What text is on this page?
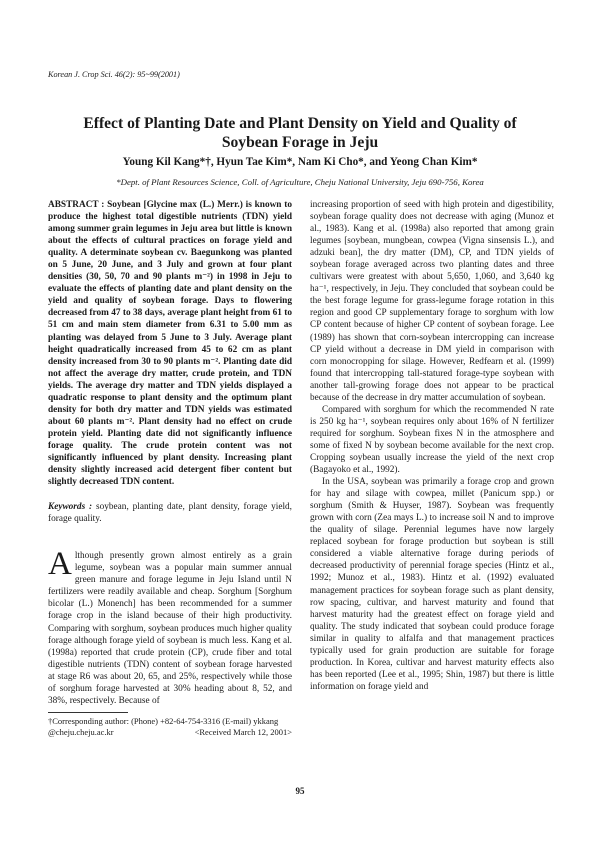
Korean J. Crop Sci. 46(2): 95~99(2001)
Effect of Planting Date and Plant Density on Yield and Quality of
Soybean Forage in Jeju
Young Kil Kang*†, Hyun Tae Kim*, Nam Ki Cho*, and Yeong Chan Kim*
*Dept. of Plant Resources Science, Coll. of Agriculture, Cheju National University, Jeju 690-756, Korea

ABSTRACT : Soybean [Glycine max (L.) Merr.) is known to produce the highest total digestible nutrients (TDN) yield among summer grain legumes in Jeju area but little is known about the effects of cultural practices on forage yield and quality. A determinate soybean cv. Baegunkong was planted on 5 June, 20 June, and 3 July and grown at four plant densities (30, 50, 70 and 90 plants m⁻²) in 1998 in Jeju to evaluate the effects of planting date and plant density on the yield and quality of soybean forage. Days to flowering decreased from 47 to 38 days, average plant height from 61 to 51 cm and main stem diameter from 6.31 to 5.00 mm as planting was delayed from 5 June to 3 July. Average plant height quadratically increased from 45 to 62 cm as plant density increased from 30 to 90 plants m⁻². Planting date did not affect the average dry matter, crude protein, and TDN yields. The average dry matter and TDN yields displayed a quadratic response to plant density and the optimum plant density for both dry matter and TDN yields was estimated about 60 plants m⁻². Plant density had no effect on crude protein yield. Planting date did not significantly influence forage quality. The crude protein content was not significantly influenced by plant density. Increasing plant density slightly increased acid detergent fiber content but slightly decreased TDN content.

Keywords : soybean, planting date, plant density, forage yield, forage quality.

Although presently grown almost entirely as a grain legume, soybean was a popular main summer annual green manure and forage legume in Jeju Island until N fertilizers were readily available and cheap. Sorghum [Sorghum bicolar (L.) Monench] has been recommended for a summer forage crop in the island because of their high productivity. Comparing with sorghum, soybean produces much higher quality forage although forage yield of soybean is much less. Kang et al. (1998a) reported that crude protein (CP), crude fiber and total digestible nutrients (TDN) content of soybean forage harvested at stage R6 was about 20, 65, and 25%, respectively while those of sorghum forage harvested at 30% heading about 8, 52, and 38%, respectively. Because of

increasing proportion of seed with high protein and digestibility, soybean forage quality does not decrease with aging (Munoz et al., 1983). Kang et al. (1998a) also reported that among grain legumes [soybean, mungbean, cowpea (Vigna sinsensis L.), and adzuki bean], the dry matter (DM), CP, and TDN yields of soybean forage averaged across two planting dates and three cultivars were greatest with about 5,650, 1,060, and 3,640 kg ha⁻¹, respectively, in Jeju. They concluded that soybean could be the best forage legume for grass-legume forage rotation in this region and good CP supplementary forage to sorghum with low CP content because of higher CP content of soybean forage. Lee (1989) has shown that corn-soybean intercropping can increase CP yield without a decrease in DM yield in comparison with corn monocropping for silage. However, Redfearn et al. (1999) found that intercropping tall-statured forage-type soybean with another tall-growing forage does not appear to be practical because of the decrease in dry matter accumulation of soybean.

Compared with sorghum for which the recommended N rate is 250 kg ha⁻¹, soybean requires only about 16% of N fertilizer required for sorghum. Soybean fixes N in the atmosphere and some of fixed N by soybean become available for the next crop. Cropping soybean usually increase the yield of the next crop (Bagayoko et al., 1992).

In the USA, soybean was primarily a forage crop and grown for hay and silage with cowpea, millet (Panicum spp.) or sorghum (Smith & Huyser, 1987). Soybean was frequently grown with corn (Zea mays L.) to increase soil N and to improve the quality of silage. Perennial legumes have now largely replaced soybean for forage production but soybean is still considered a viable alternative forage during periods of decreased productivity of perennial forage species (Hintz et al., 1992; Munoz et al., 1983). Hintz et al. (1992) evaluated management practices for soybean forage such as plant density, row spacing, cultivar, and harvest maturity and found that harvest maturity had the greatest effect on forage yield and quality. The study indicated that soybean could produce forage similar in quality to alfalfa and that management practices typically used for grain production are suitable for forage production. In Korea, cultivar and harvest maturity effects also has been reported (Lee et al., 1995; Shin, 1987) but there is little information on forage yield and

†Corresponding author: (Phone) +82-64-754-3316 (E-mail) ykkang
@cheju.cheju.ac.kr	<Received March 12, 2001>
95
